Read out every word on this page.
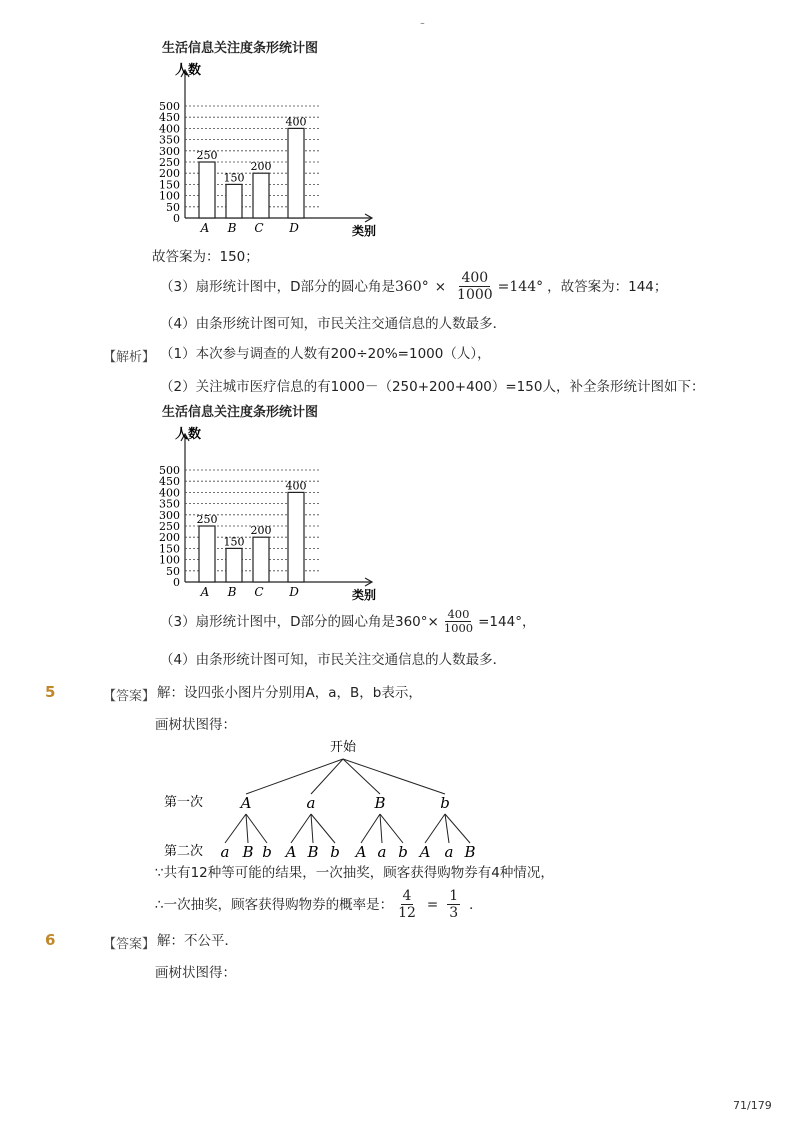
-
生活信息关注度条形统计图
人数
类别
0
50
100
150
200
250
300
350
400
450
500
250
A
150
B
200
C
400
D
故答案为：150；
（3）扇形统计图中，D部分的圆心角是 $360^\circ \times \frac{400}{1000} =144^\circ$ ，故答案为：144；
（4）由条形统计图可知，市民关注交通信息的人数最多．
【解析】 （1）本次参与调查的人数有200÷20%=1000（人），
（2）关注城市医疗信息的有1000－（250+200+400）=150人，补全条形统计图如下：
生活信息关注度条形统计图
人数
类别
0
50
100
150
200
250
300
350
400
450
500
250
A
150
B
200
C
400
D
（3）扇形统计图中，D部分的圆心角是$360^\circ\times \frac{400}{1000} =144^\circ$，
（4）由条形统计图可知，市民关注交通信息的人数最多．
5	【答案】 解：设四张小图片分别用A，a，B，b表示，
画树状图得：
开始
第一次
第二次
A
a B b
a
A B b
B
A a b
b
A a B
∵共有12种等可能的结果，一次抽奖，顾客获得购物券有4种情况，
∴一次抽奖，顾客获得购物券的概率是： $\frac{4}{12} = \frac{1}{3}$ ．
6	【答案】 解：不公平．
画树状图得：
71/179
